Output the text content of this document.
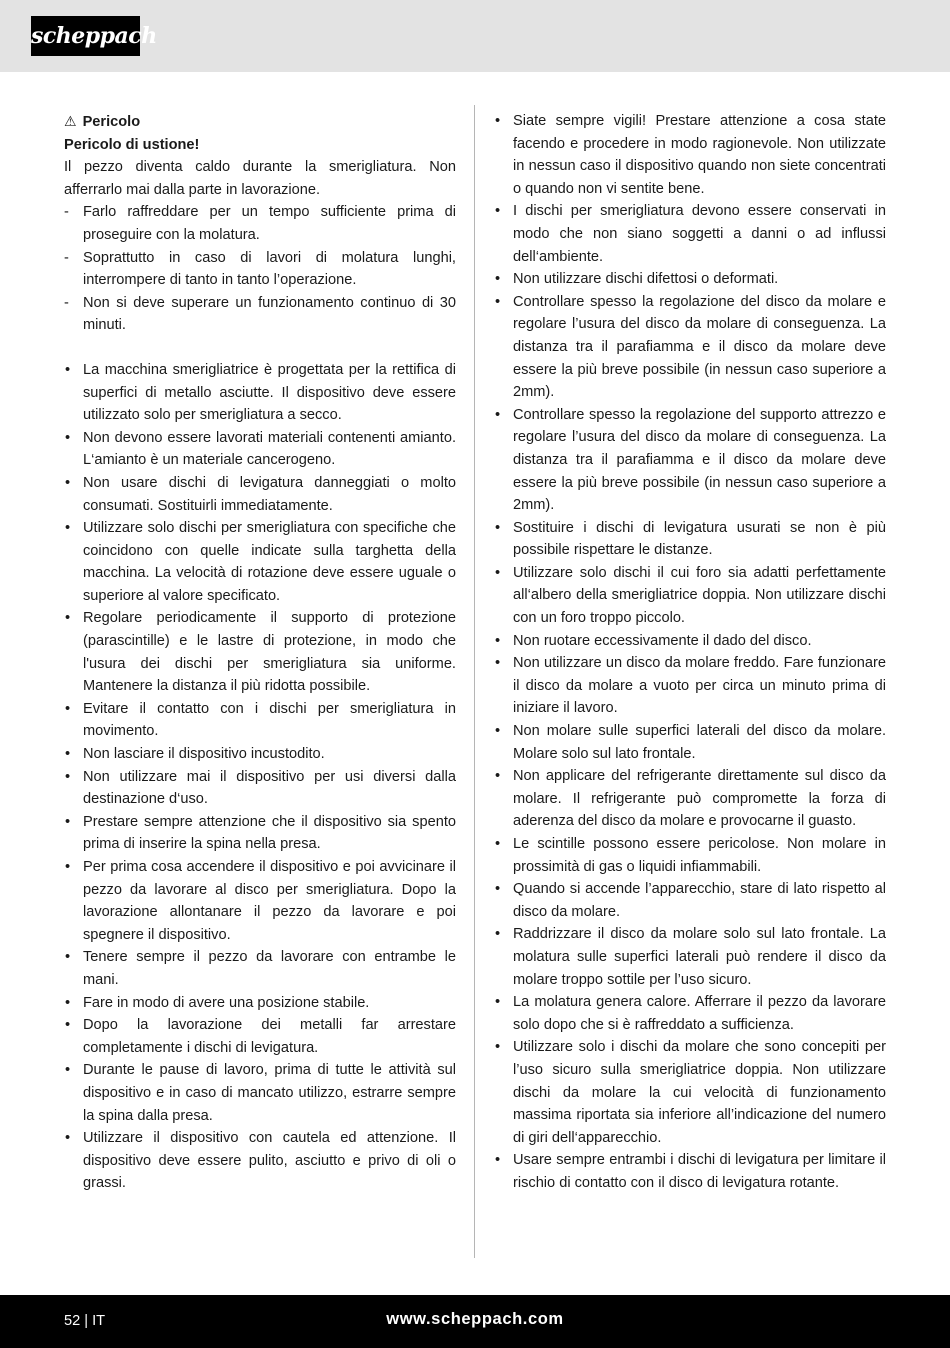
scheppach
⚠ Pericolo
Pericolo di ustione!

Il pezzo diventa caldo durante la smerigliatura. Non afferrarlo mai dalla parte in lavorazione.

- Farlo raffreddare per un tempo sufficiente prima di proseguire con la molatura.
- Soprattutto in caso di lavori di molatura lunghi, interrompere di tanto in tanto l’operazione.
- Non si deve superare un funzionamento continuo di 30 minuti.
• La macchina smerigliatrice è progettata per la rettifica di superfici di metallo asciutte. Il dispositivo deve essere utilizzato solo per smerigliatura a secco.
• Non devono essere lavorati materiali contenenti amianto. L‘amianto è un materiale cancerogeno.
• Non usare dischi di levigatura danneggiati o molto consumati. Sostituirli immediatamente.
• Utilizzare solo dischi per smerigliatura con specifiche che coincidono con quelle indicate sulla targhetta della macchina. La velocità di rotazione deve essere uguale o superiore al valore specificato.
• Regolare periodicamente il supporto di protezione (parascintille) e le lastre di protezione, in modo che l'usura dei dischi per smerigliatura sia uniforme. Mantenere la distanza il più ridotta possibile.
• Evitare il contatto con i dischi per smerigliatura in movimento.
• Non lasciare il dispositivo incustodito.
• Non utilizzare mai il dispositivo per usi diversi dalla destinazione d‘uso.
• Prestare sempre attenzione che il dispositivo sia spento prima di inserire la spina nella presa.
• Per prima cosa accendere il dispositivo e poi avvicinare il pezzo da lavorare al disco per smerigliatura. Dopo la lavorazione allontanare il pezzo da lavorare e poi spegnere il dispositivo.
• Tenere sempre il pezzo da lavorare con entrambe le mani.
• Fare in modo di avere una posizione stabile.
• Dopo la lavorazione dei metalli far arrestare completamente i dischi di levigatura.
• Durante le pause di lavoro, prima di tutte le attività sul dispositivo e in caso di mancato utilizzo, estrarre sempre la spina dalla presa.
• Utilizzare il dispositivo con cautela ed attenzione. Il dispositivo deve essere pulito, asciutto e privo di oli o grassi.
• Siate sempre vigili! Prestare attenzione a cosa state facendo e procedere in modo ragionevole. Non utilizzate in nessun caso il dispositivo quando non siete concentrati o quando non vi sentite bene.
• I dischi per smerigliatura devono essere conservati in modo che non siano soggetti a danni o ad influssi dell‘ambiente.
• Non utilizzare dischi difettosi o deformati.
• Controllare spesso la regolazione del disco da molare e regolare l’usura del disco da molare di conseguenza. La distanza tra il parafiamma e il disco da molare deve essere la più breve possibile (in nessun caso superiore a 2mm).
• Controllare spesso la regolazione del supporto attrezzo e regolare l’usura del disco da molare di conseguenza. La distanza tra il parafiamma e il disco da molare deve essere la più breve possibile (in nessun caso superiore a 2mm).
• Sostituire i dischi di levigatura usurati se non è più possibile rispettare le distanze.
• Utilizzare solo dischi il cui foro sia adatti perfettamente all‘albero della smerigliatrice doppia. Non utilizzare dischi con un foro troppo piccolo.
• Non ruotare eccessivamente il dado del disco.
• Non utilizzare un disco da molare freddo. Fare funzionare il disco da molare a vuoto per circa un minuto prima di iniziare il lavoro.
• Non molare sulle superfici laterali del disco da molare. Molare solo sul lato frontale.
• Non applicare del refrigerante direttamente sul disco da molare. Il refrigerante può compromette la forza di aderenza del disco da molare e provocarne il guasto.
• Le scintille possono essere pericolose. Non molare in prossimità di gas o liquidi infiammabili.
• Quando si accende l’apparecchio, stare di lato rispetto al disco da molare.
• Raddrizzare il disco da molare solo sul lato frontale. La molatura sulle superfici laterali può rendere il disco da molare troppo sottile per l’uso sicuro.
• La molatura genera calore. Afferrare il pezzo da lavorare solo dopo che si è raffreddato a sufficienza.
• Utilizzare solo i dischi da molare che sono concepiti per l’uso sicuro sulla smerigliatrice doppia. Non utilizzare dischi da molare la cui velocità di funzionamento massima riportata sia inferiore all’indicazione del numero di giri dell‘apparecchio.
• Usare sempre entrambi i dischi di levigatura per limitare il rischio di contatto con il disco di levigatura rotante.
52 | IT	www.scheppach.com
